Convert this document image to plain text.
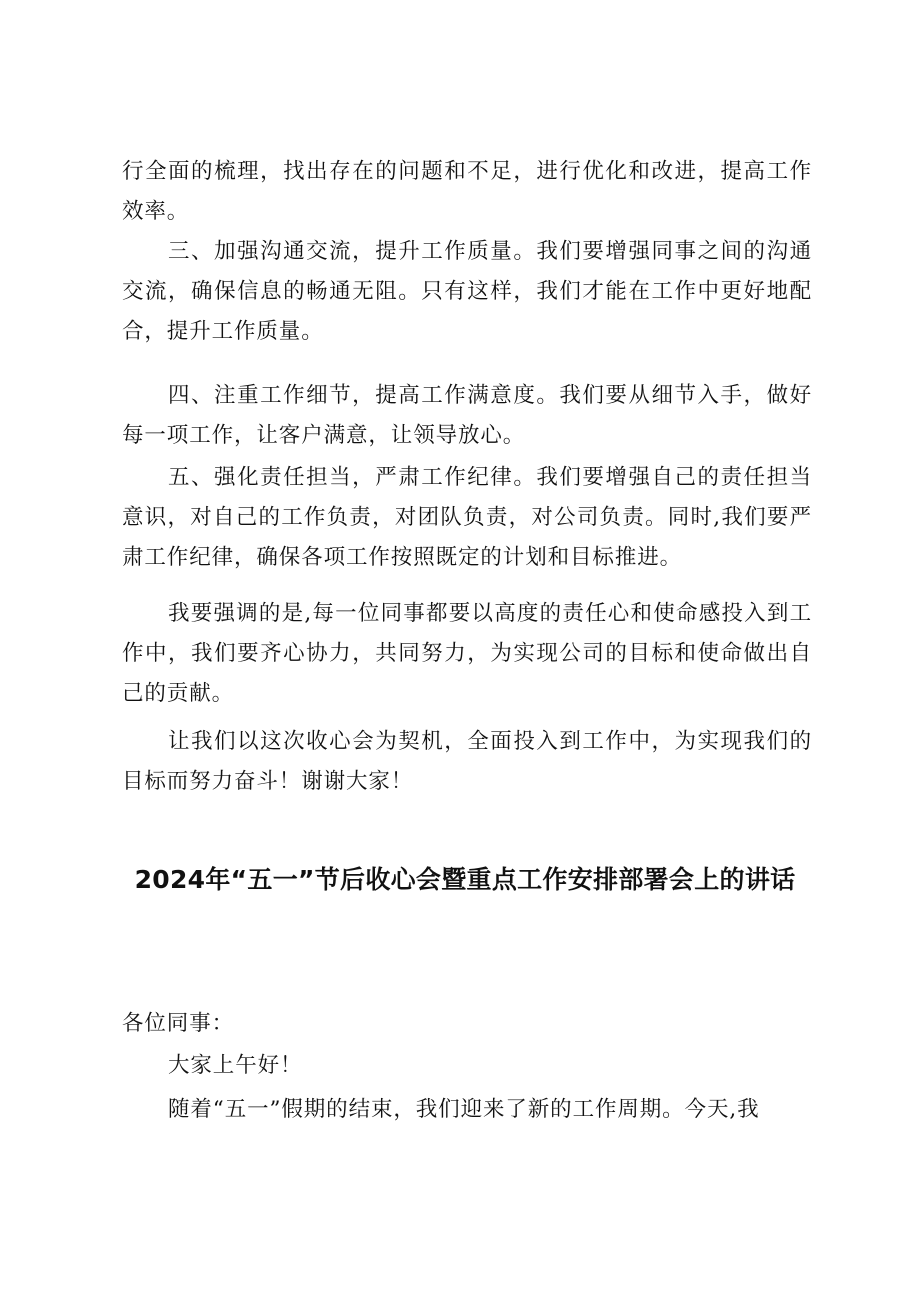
行全面的梳理，找出存在的问题和不足，进行优化和改进，提高工作效率。

三、加强沟通交流，提升工作质量。我们要增强同事之间的沟通交流，确保信息的畅通无阻。只有这样，我们才能在工作中更好地配合，提升工作质量。

四、注重工作细节，提高工作满意度。我们要从细节入手，做好每一项工作，让客户满意，让领导放心。

五、强化责任担当，严肃工作纪律。我们要增强自己的责任担当意识，对自己的工作负责，对团队负责，对公司负责。同时,我们要严肃工作纪律，确保各项工作按照既定的计划和目标推进。

我要强调的是,每一位同事都要以高度的责任心和使命感投入到工作中，我们要齐心协力，共同努力，为实现公司的目标和使命做出自己的贡献。

让我们以这次收心会为契机，全面投入到工作中，为实现我们的目标而努力奋斗！谢谢大家！

2024年“五一”节后收心会暨重点工作安排部署会上的讲话

各位同事：

大家上午好！

随着“五一”假期的结束，我们迎来了新的工作周期。今天,我
